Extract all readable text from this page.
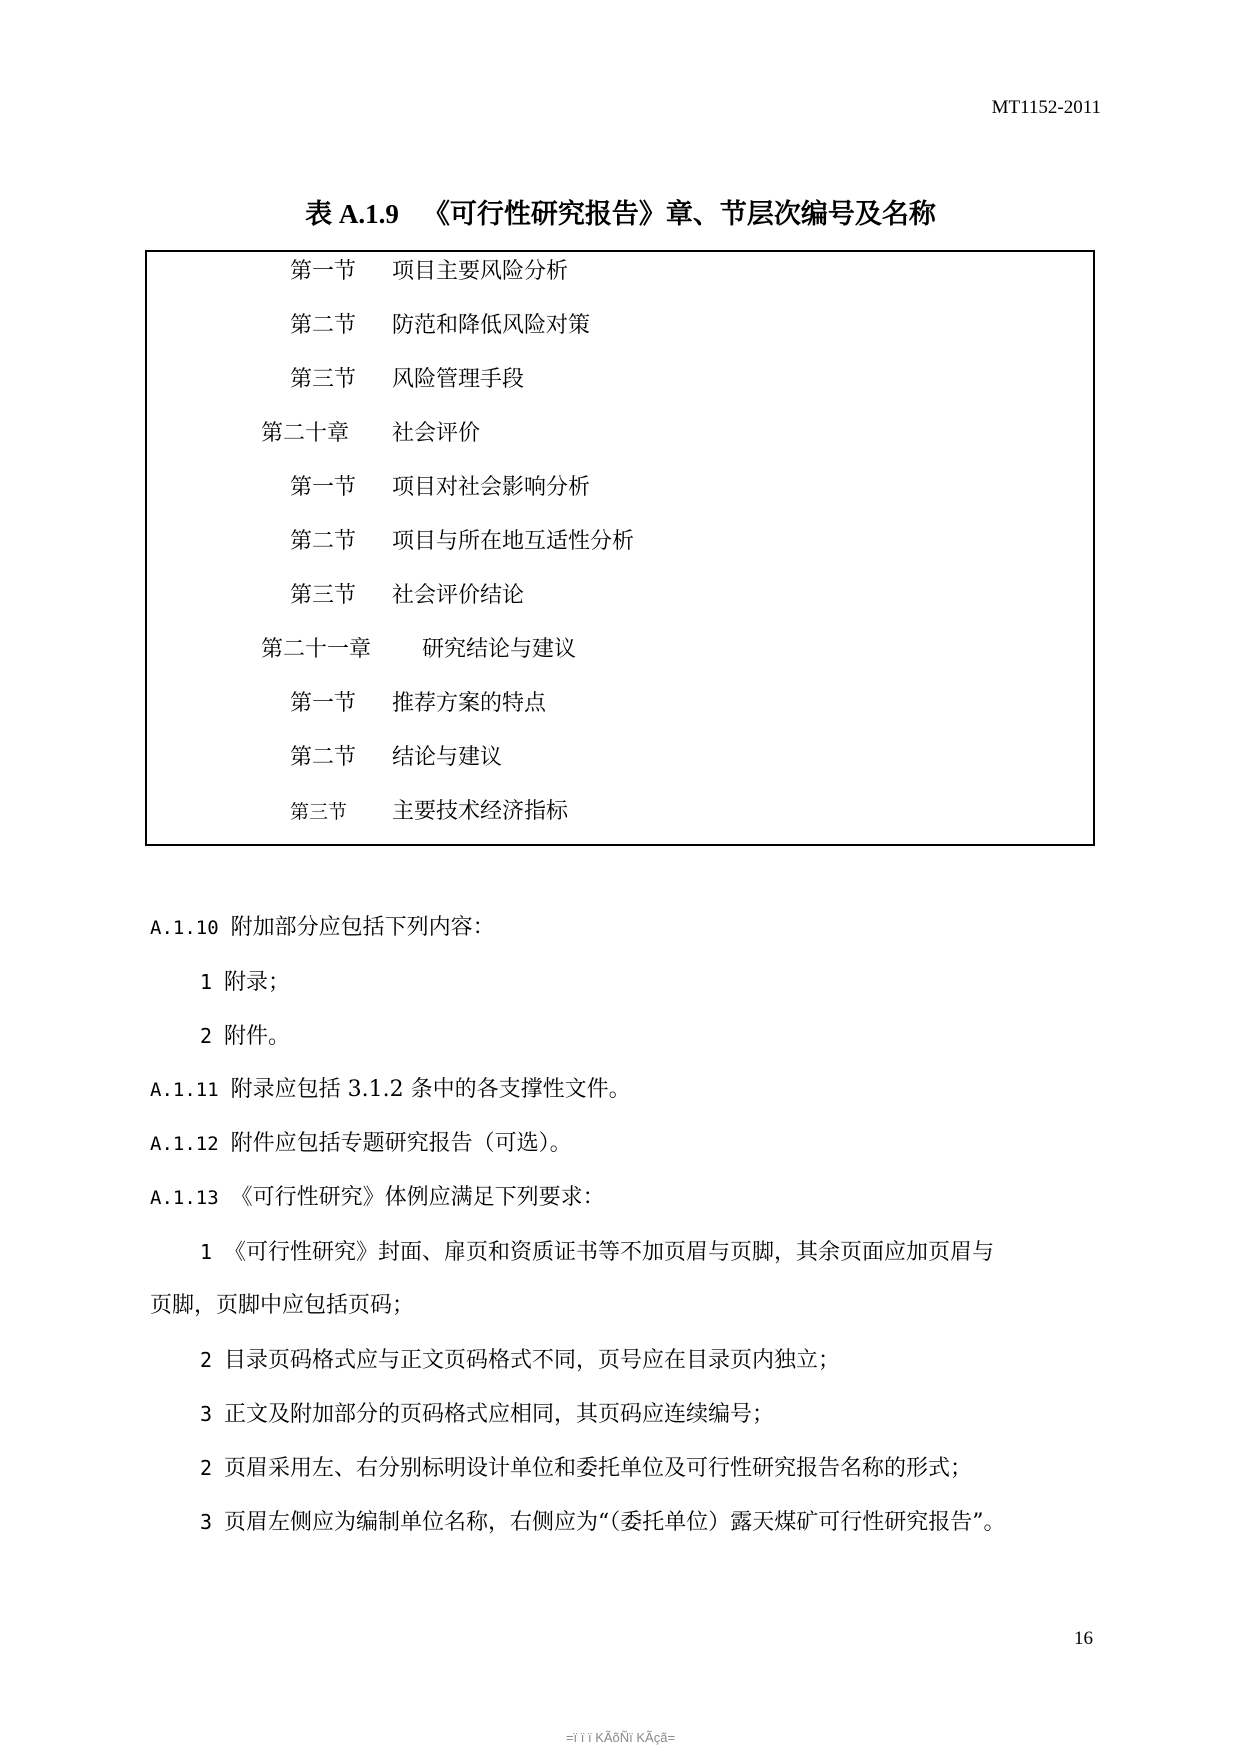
MT1152-2011
表 A.1.9 《可行性研究报告》章、节层次编号及名称
第一节 项目主要风险分析
第二节 防范和降低风险对策
第三节 风险管理手段
第二十章 社会评价
第一节 项目对社会影响分析
第二节 项目与所在地互适性分析
第三节 社会评价结论
第二十一章 研究结论与建议
第一节 推荐方案的特点
第二节 结论与建议
第三节 主要技术经济指标
A.1.10 附加部分应包括下列内容：
1 附录；
2 附件。
A.1.11 附录应包括 3.1.2 条中的各支撑性文件。
A.1.12 附件应包括专题研究报告（可选）。
A.1.13 《可行性研究》体例应满足下列要求：
1 《可行性研究》封面、扉页和资质证书等不加页眉与页脚，其余页面应加页眉与
页脚，页脚中应包括页码；
2 目录页码格式应与正文页码格式不同，页号应在目录页内独立；
3 正文及附加部分的页码格式应相同，其页码应连续编号；
2 页眉采用左、右分别标明设计单位和委托单位及可行性研究报告名称的形式；
3 页眉左侧应为编制单位名称，右侧应为“（委托单位）露天煤矿可行性研究报告”。
16
=ï ï ï KÃõÑï KÃçã=
